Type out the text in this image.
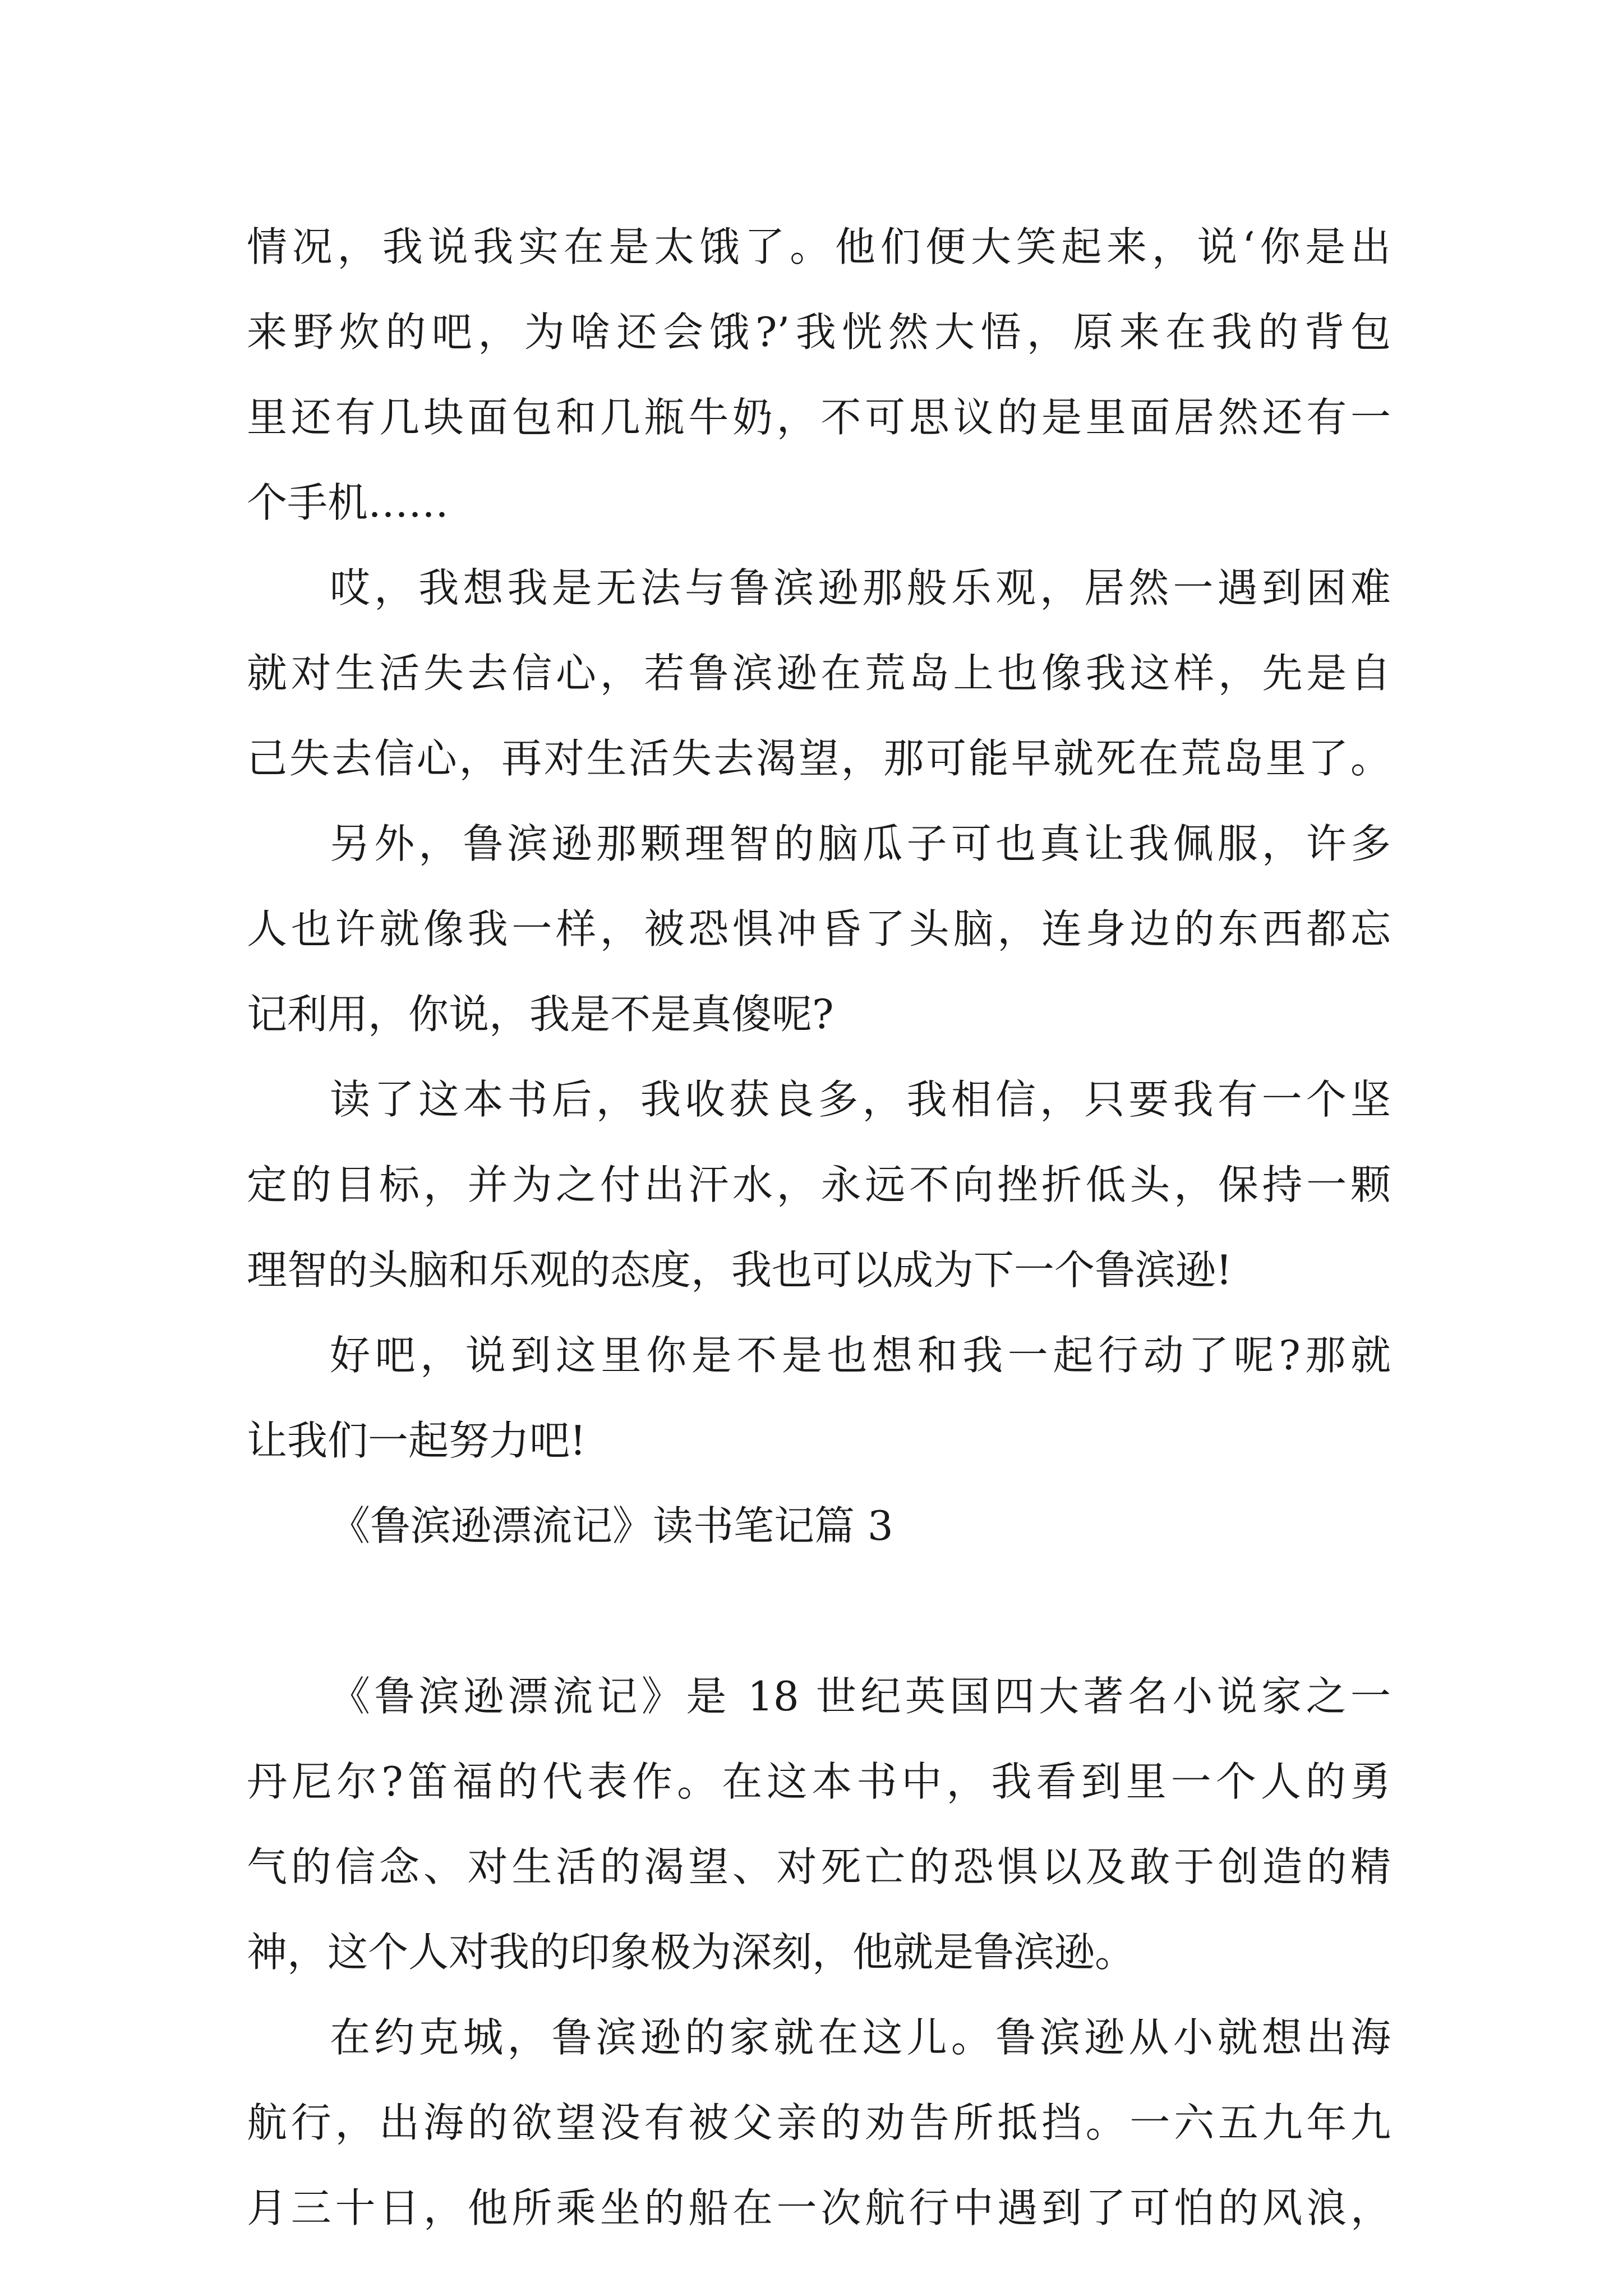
情况，我说我实在是太饿了。他们便大笑起来，说‘你是出
来野炊的吧，为啥还会饿?’我恍然大悟，原来在我的背包
里还有几块面包和几瓶牛奶，不可思议的是里面居然还有一
个手机……
哎，我想我是无法与鲁滨逊那般乐观，居然一遇到困难
就对生活失去信心，若鲁滨逊在荒岛上也像我这样，先是自
己失去信心，再对生活失去渴望，那可能早就死在荒岛里了。
另外，鲁滨逊那颗理智的脑瓜子可也真让我佩服，许多
人也许就像我一样，被恐惧冲昏了头脑，连身边的东西都忘
记利用，你说，我是不是真傻呢?
读了这本书后，我收获良多，我相信，只要我有一个坚
定的目标，并为之付出汗水，永远不向挫折低头，保持一颗
理智的头脑和乐观的态度，我也可以成为下一个鲁滨逊!
好吧，说到这里你是不是也想和我一起行动了呢?那就
让我们一起努力吧!
《鲁滨逊漂流记》读书笔记篇 3
《鲁滨逊漂流记》是 18 世纪英国四大著名小说家之一
丹尼尔?笛福的代表作。在这本书中，我看到里一个人的勇
气的信念、对生活的渴望、对死亡的恐惧以及敢于创造的精
神，这个人对我的印象极为深刻，他就是鲁滨逊。
在约克城，鲁滨逊的家就在这儿。鲁滨逊从小就想出海
航行，出海的欲望没有被父亲的劝告所抵挡。一六五九年九
月三十日，他所乘坐的船在一次航行中遇到了可怕的风浪，
